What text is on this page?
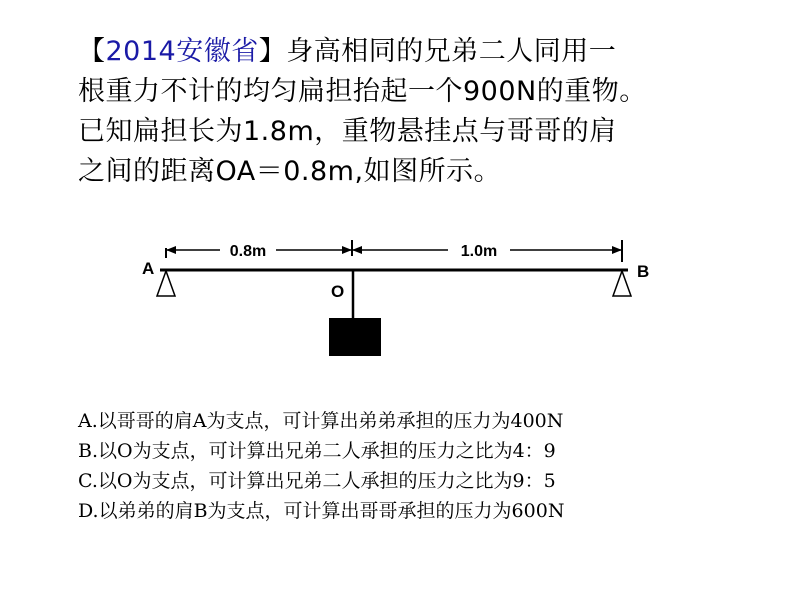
【2014安徽省】身高相同的兄弟二人同用一
根重力不计的均匀扁担抬起一个900N的重物。
已知扁担长为1.8m，重物悬挂点与哥哥的肩
之间的距离OA＝0.8m,如图所示。
0.8m	1.0m
A	B
O
A.以哥哥的肩A为支点，可计算出弟弟承担的压力为400N
B.以O为支点，可计算出兄弟二人承担的压力之比为4：9
C.以O为支点，可计算出兄弟二人承担的压力之比为9：5
D.以弟弟的肩B为支点，可计算出哥哥承担的压力为600N
